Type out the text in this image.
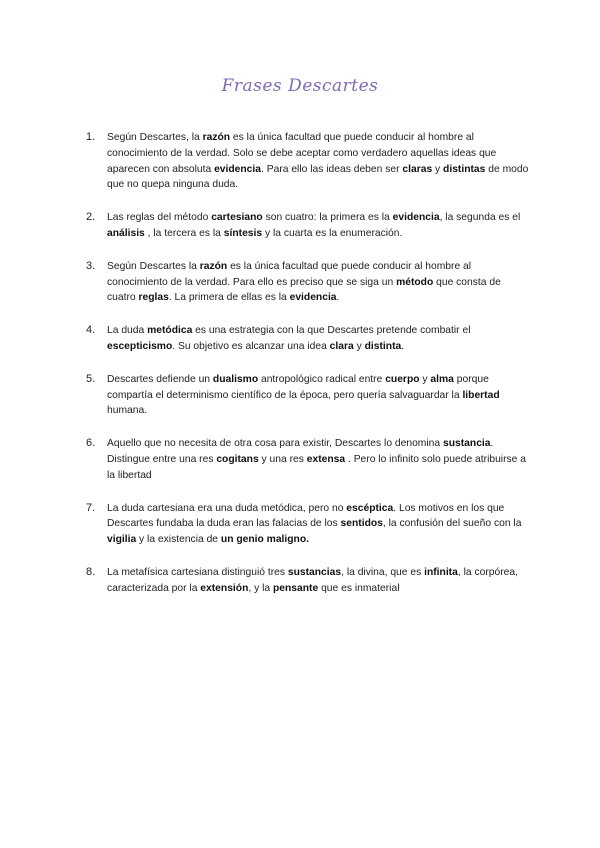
Frases Descartes
1. Según Descartes, la razón es la única facultad que puede conducir al hombre al conocimiento de la verdad. Solo se debe aceptar como verdadero aquellas ideas que aparecen con absoluta evidencia. Para ello las ideas deben ser claras y distintas de modo que no quepa ninguna duda.
2. Las reglas del método cartesiano son cuatro: la primera es la evidencia, la segunda es el análisis , la tercera es la síntesis y la cuarta es la enumeración.
3. Según Descartes la razón es la única facultad que puede conducir al hombre al conocimiento de la verdad. Para ello es preciso que se siga un método que consta de cuatro reglas. La primera de ellas es la evidencia.
4. La duda metódica es una estrategia con la que Descartes pretende combatir el escepticismo. Su objetivo es alcanzar una idea clara y distinta.
5. Descartes defiende un dualismo antropológico radical entre cuerpo y alma porque compartía el determinismo científico de la época, pero quería salvaguardar la libertad humana.
6. Aquello que no necesita de otra cosa para existir, Descartes lo denomina sustancia. Distingue entre una res cogitans y una res extensa . Pero lo infinito solo puede atribuirse a la libertad
7. La duda cartesiana era una duda metódica, pero no escéptica. Los motivos en los que Descartes fundaba la duda eran las falacias de los sentidos, la confusión del sueño con la vigilia y la existencia de un genio maligno.
8. La metafísica cartesiana distinguió tres sustancias, la divina, que es infinita, la corpórea, caracterizada por la extensión, y la pensante que es inmaterial
